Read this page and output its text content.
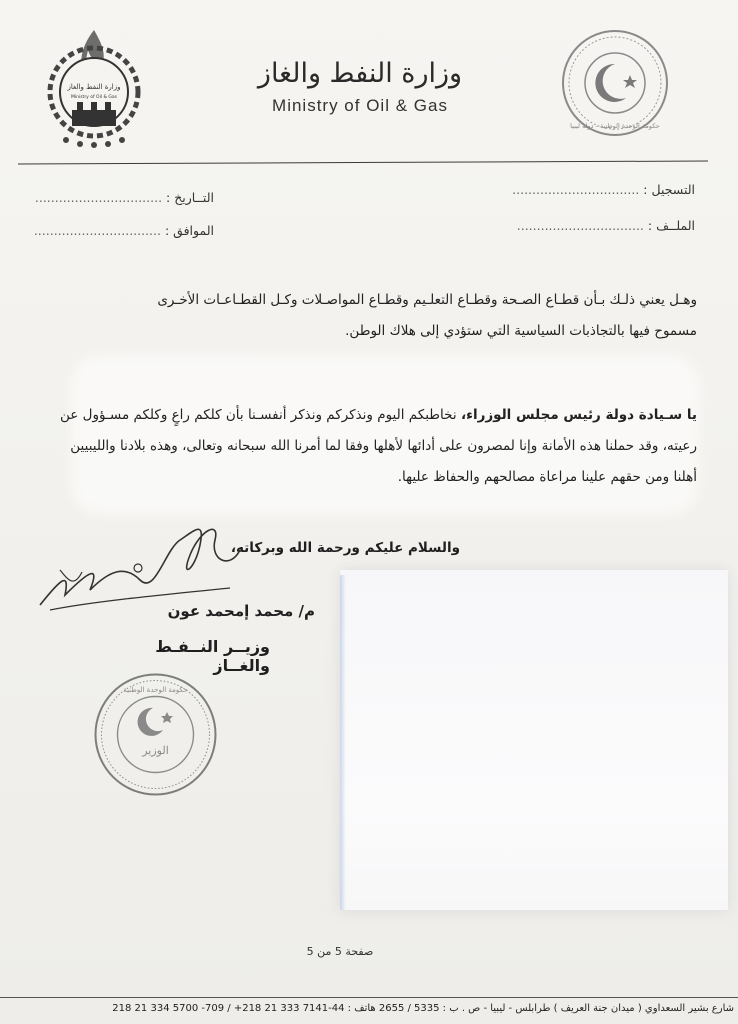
وزارة النفط والغاز
Ministry of Oil & Gas
وزارة النفط والغاز
Ministry of Oil & Gas
حكومة الوحدة الوطنية - دولة ليبيا
التسجيل : ................................
الملــف : ................................
التــاريخ : ................................
الموافق : ................................
وهـل يعني ذلـك بـأن قطـاع الصـحة وقطـاع التعلـيم وقطـاع المواصـلات وكـل القطـاعـات الأخـرى
مسموح فيها بالتجاذبات السياسية التي ستؤدي إلى هلاك الوطن.
يا سـيادة دولة رئيس مجلس الوزراء، نخاطبكم اليوم ونذكركم ونذكر أنفسـنا بأن كلكم راعٍ وكلكم مسـؤول عن
رعيته، وقد حملنا هذه الأمانة وإنا لمصرون على أدائها لأهلها وفقا لما أمرنا الله سبحانه وتعالى، وهذه بلادنا والليبيين
أهلنا ومن حقهم علينا مراعاة مصالحهم والحفاظ عليها.
والسلام عليكم ورحمة الله وبركاته،
م/ محمد إمحمد عون
وزيــر النــفـط والغــاز
حكومة الوحدة الوطنية
الوزير
صفحة 5 من 5
شارع بشير السعداوي ( ميدان جنة العريف ) طرابلس - ليبيا - ص . ب : 5335 / 2655 هاتف : 44-7141 333 21 218+ / 709- 5700 334 21 218
